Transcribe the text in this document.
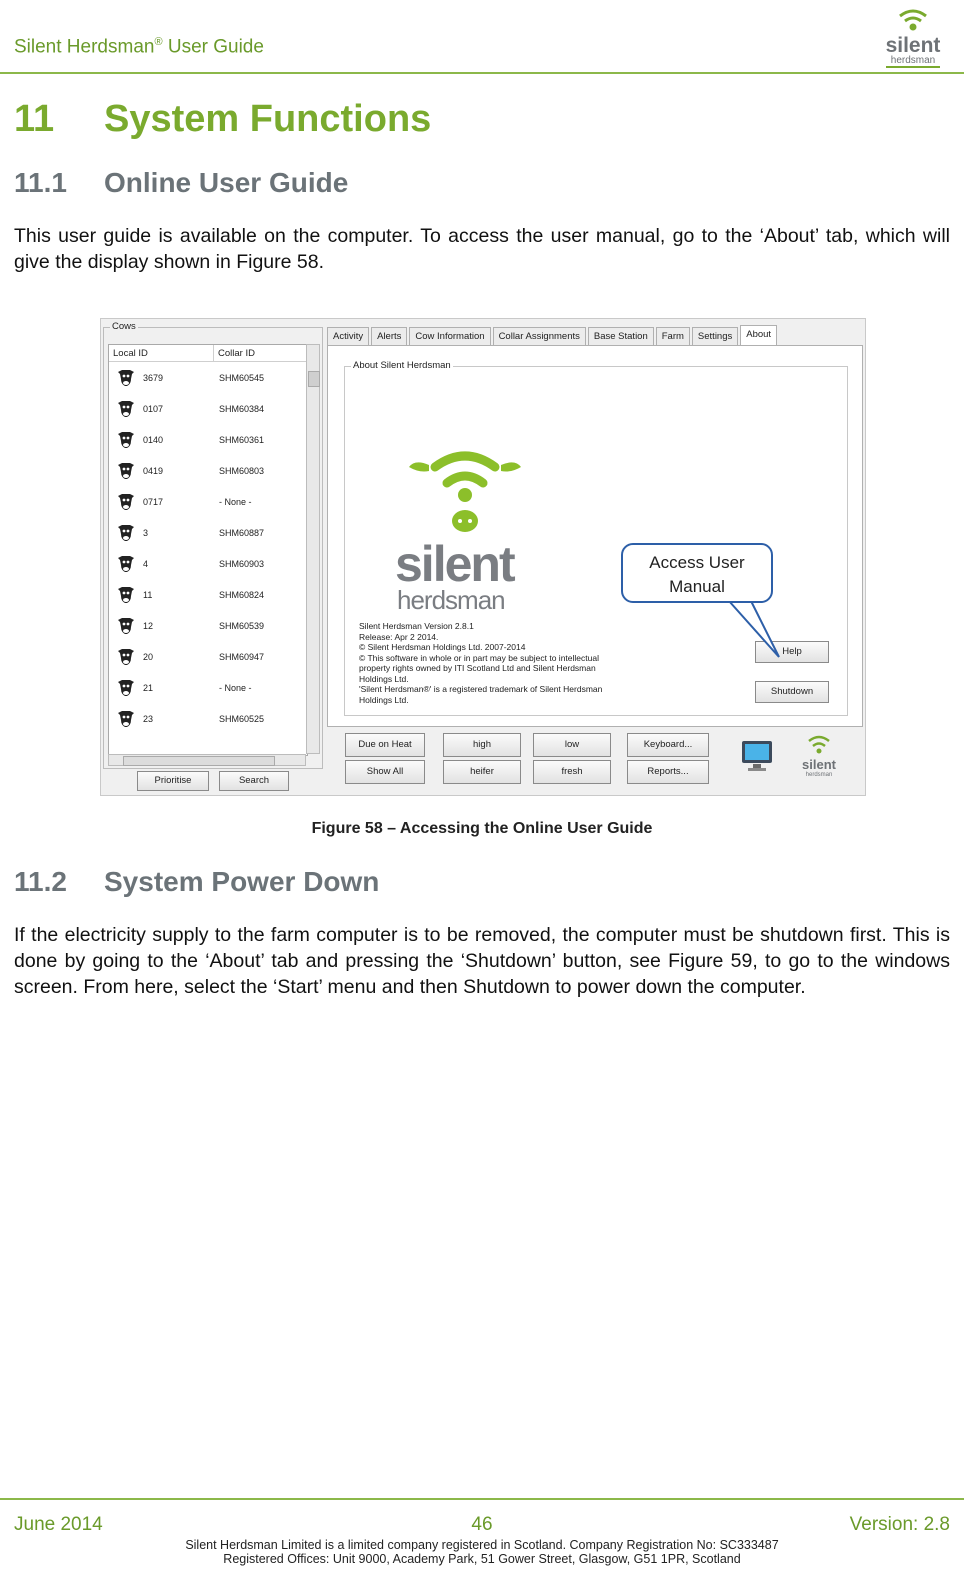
Silent Herdsman® User Guide	silent
herdsman
11 System Functions
11.1 Online User Guide
This user guide is available on the computer. To access the user manual, go to the ‘About’ tab, which will give the display shown in Figure 58.
Cows
Local ID	Collar ID
3679	SHM60545
0107	SHM60384
0140	SHM60361
0419	SHM60803
0717	- None -
3	SHM60887
4	SHM60903
11	SHM60824
12	SHM60539
20	SHM60947
21	- None -
23	SHM60525
Prioritise	Search
Activity	Alerts	Cow Information	Collar Assignments	Base Station	Farm	Settings	About
About Silent Herdsman
silent
herdsman
Silent Herdsman Version 2.8.1
Release: Apr 2 2014.
© Silent Herdsman Holdings Ltd. 2007-2014
© This software in whole or in part may be subject to intellectual
property rights owned by ITI Scotland Ltd and Silent Herdsman
Holdings Ltd.
'Silent Herdsman®' is a registered trademark of Silent Herdsman
Holdings Ltd.
Help
Shutdown
Access User Manual
Due on Heat	high	low	Keyboard...
Show All	heifer	fresh	Reports...	silent
herdsman
Figure 58 – Accessing the Online User Guide
11.2 System Power Down
If the electricity supply to the farm computer is to be removed, the computer must be shutdown first. This is done by going to the ‘About’ tab and pressing the ‘Shutdown’ button, see Figure 59, to go to the windows screen. From here, select the ‘Start’ menu and then Shutdown to power down the computer.
June 2014	46	Version: 2.8
Silent Herdsman Limited is a limited company registered in Scotland. Company Registration No: SC333487
Registered Offices: Unit 9000, Academy Park, 51 Gower Street, Glasgow, G51 1PR, Scotland
